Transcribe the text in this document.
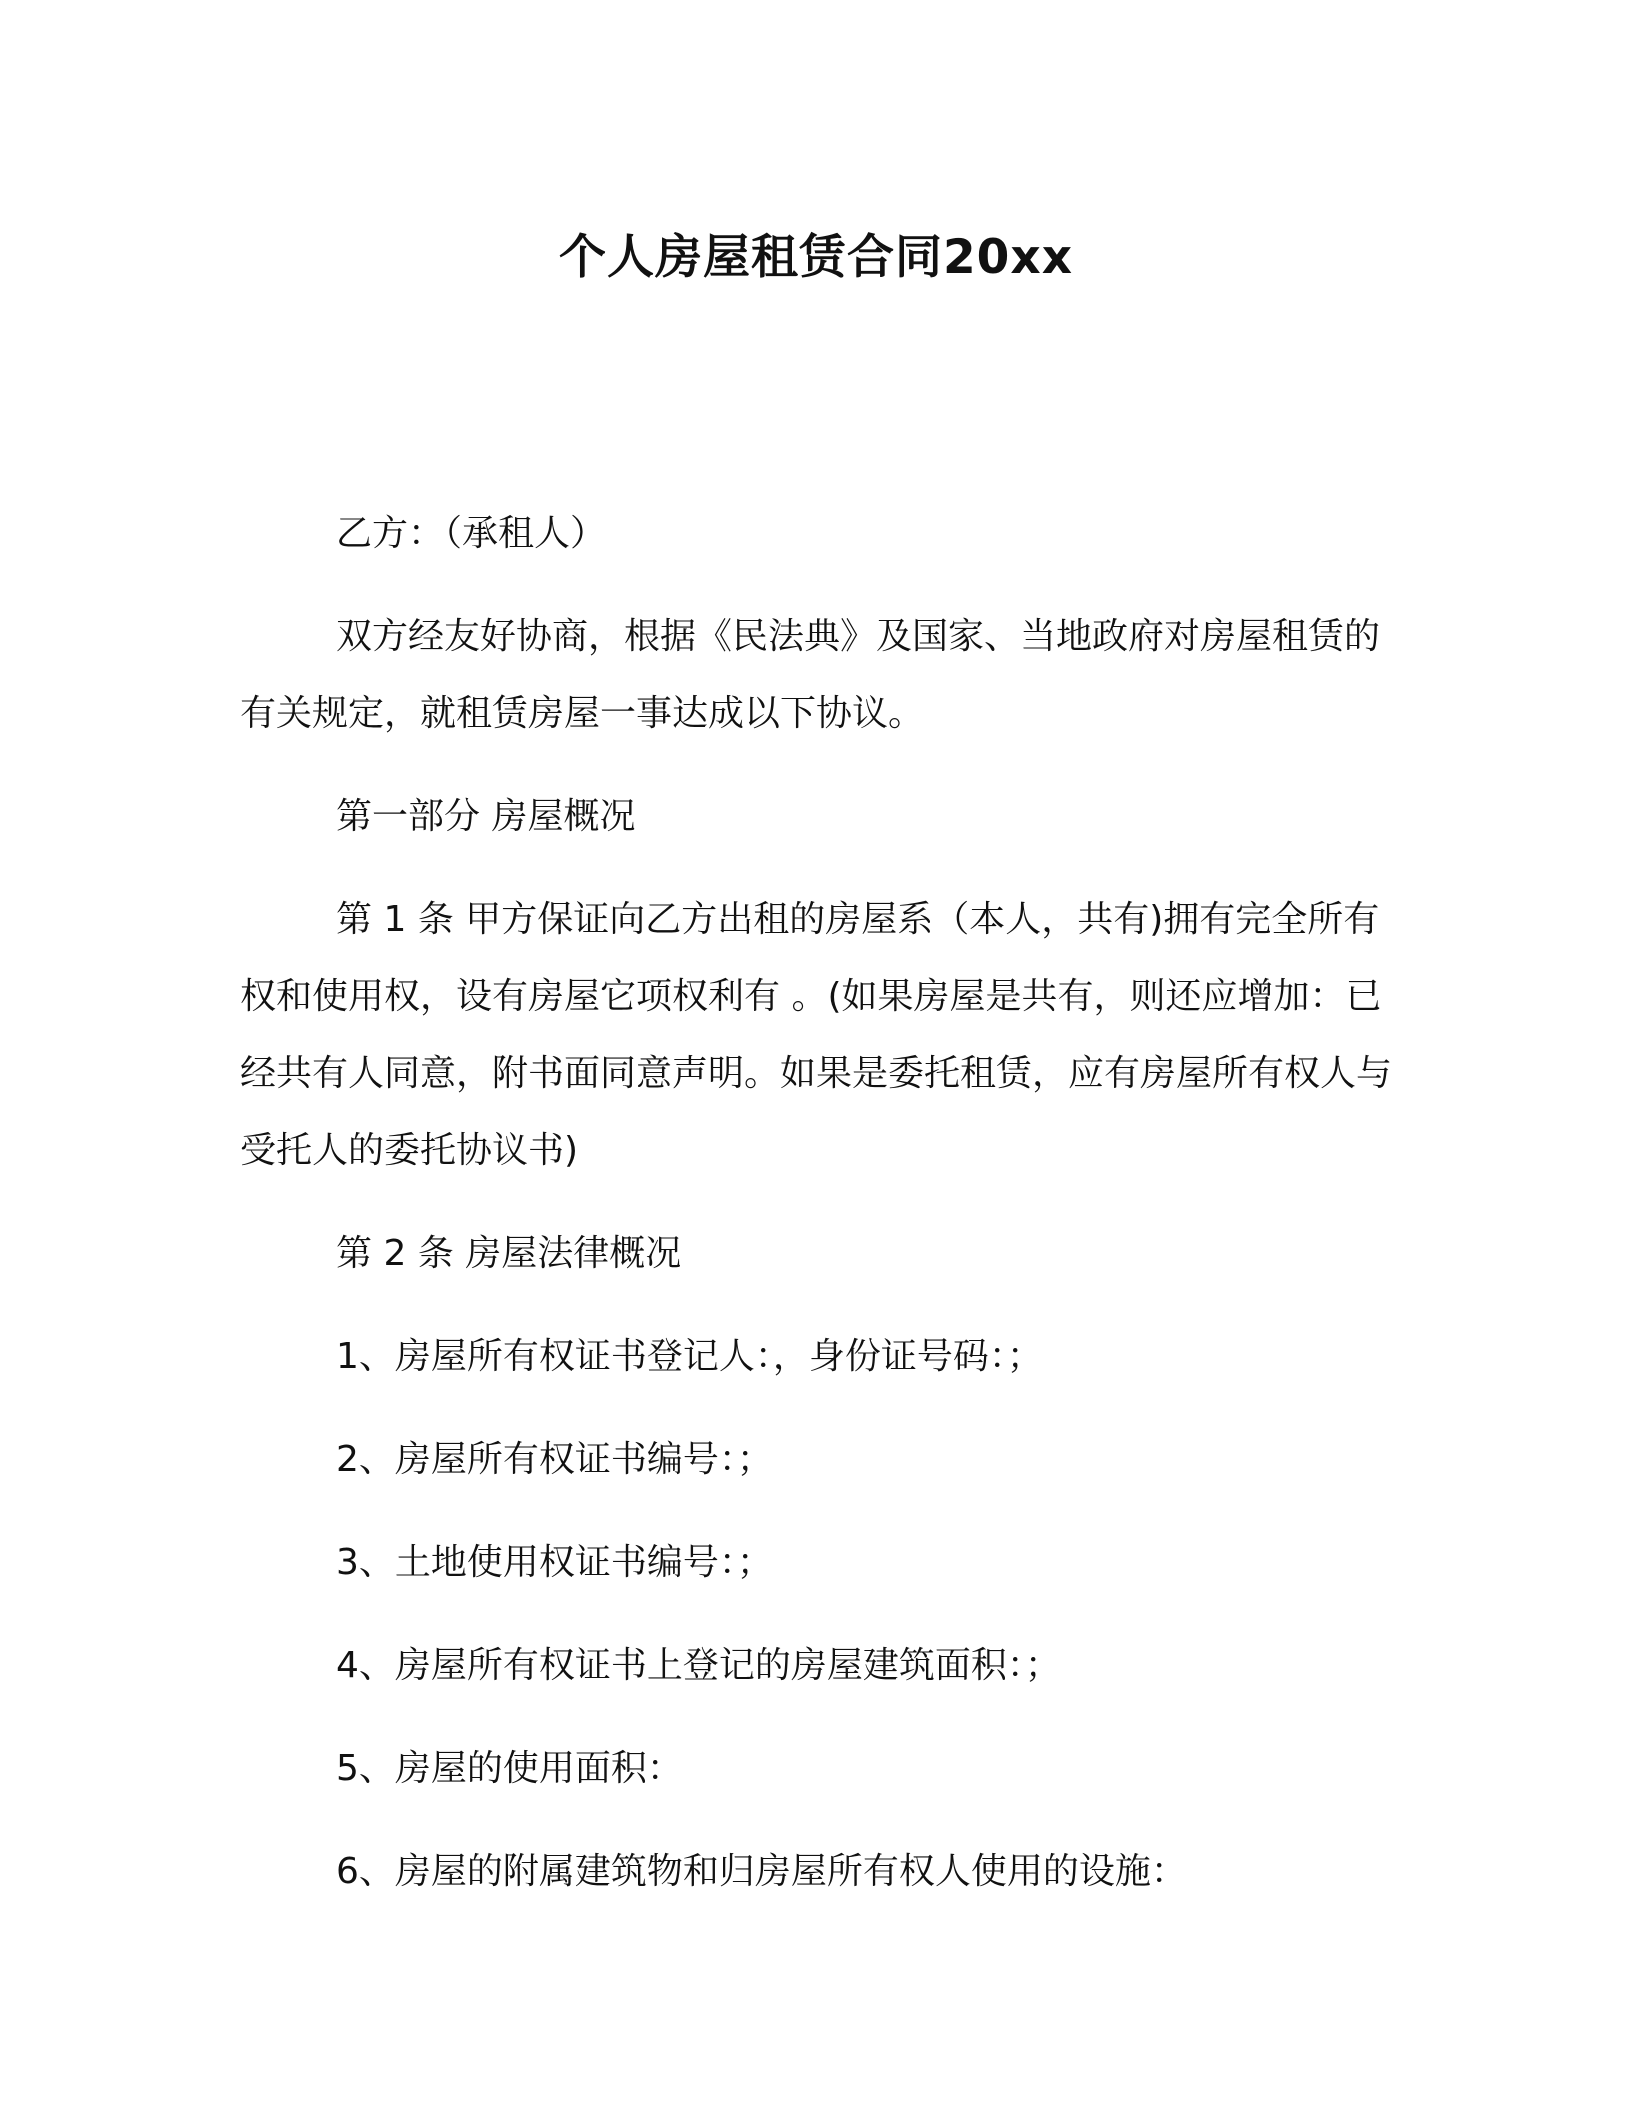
个人房屋租赁合同20xx

乙方：（承租人）

双方经友好协商，根据《民法典》及国家、当地政府对房屋租赁的有关规定，就租赁房屋一事达成以下协议。

第一部分 房屋概况

第 1 条 甲方保证向乙方出租的房屋系（本人，共有)拥有完全所有权和使用权，设有房屋它项权利有 。(如果房屋是共有，则还应增加：已经共有人同意，附书面同意声明。如果是委托租赁，应有房屋所有权人与受托人的委托协议书)

第 2 条 房屋法律概况

1、房屋所有权证书登记人：，身份证号码：；

2、房屋所有权证书编号：；

3、土地使用权证书编号：；

4、房屋所有权证书上登记的房屋建筑面积：；

5、房屋的使用面积：

6、房屋的附属建筑物和归房屋所有权人使用的设施：
